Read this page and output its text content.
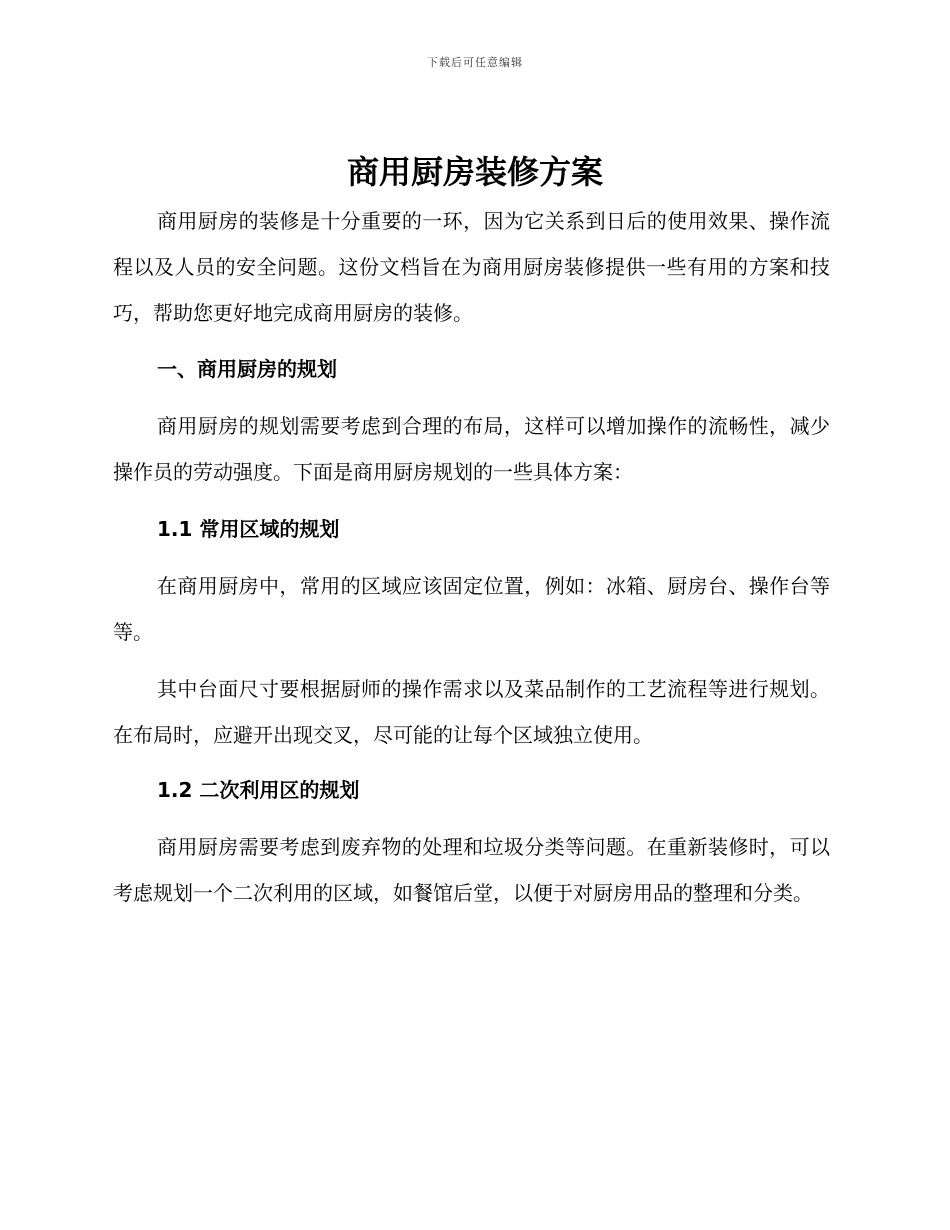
下载后可任意编辑
商用厨房装修方案

商用厨房的装修是十分重要的一环，因为它关系到日后的使用效果、操作流程以及人员的安全问题。这份文档旨在为商用厨房装修提供一些有用的方案和技巧，帮助您更好地完成商用厨房的装修。

一、商用厨房的规划

商用厨房的规划需要考虑到合理的布局，这样可以增加操作的流畅性，减少操作员的劳动强度。下面是商用厨房规划的一些具体方案：

1.1 常用区域的规划

在商用厨房中，常用的区域应该固定位置，例如：冰箱、厨房台、操作台等等。

其中台面尺寸要根据厨师的操作需求以及菜品制作的工艺流程等进行规划。在布局时，应避开出现交叉，尽可能的让每个区域独立使用。

1.2 二次利用区的规划

商用厨房需要考虑到废弃物的处理和垃圾分类等问题。在重新装修时，可以考虑规划一个二次利用的区域，如餐馆后堂，以便于对厨房用品的整理和分类。
